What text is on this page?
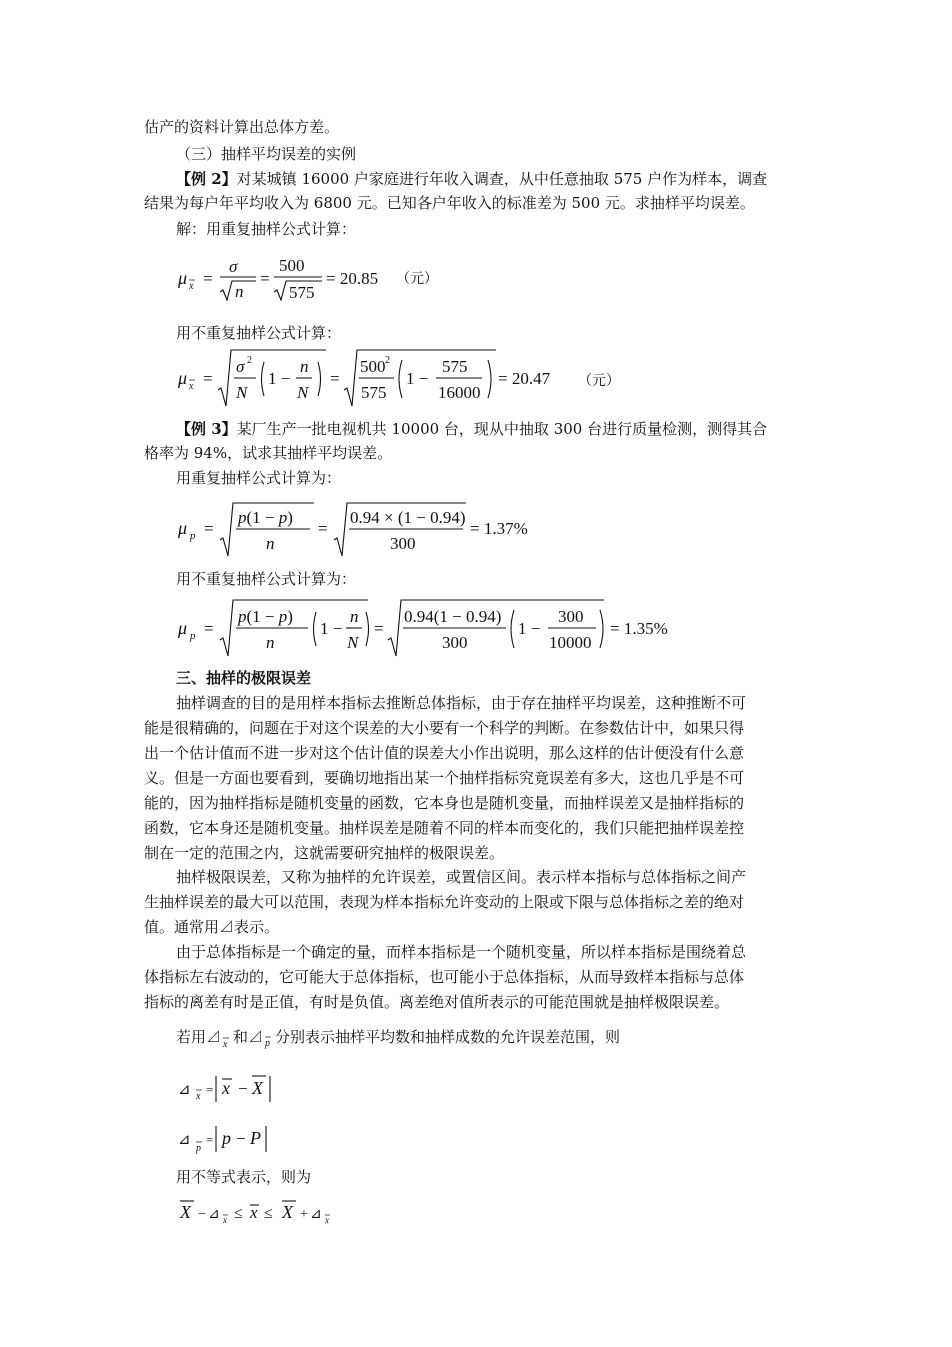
估产的资料计算出总体方差。
（三）抽样平均误差的实例
【例 2】对某城镇 16000 户家庭进行年收入调查，从中任意抽取 575 户作为样本，调查
结果为每户年平均收入为 6800 元。已知各户年收入的标准差为 500 元。求抽样平均误差。
解：用重复抽样公式计算：
μ x =
σ
n
=
500
575
= 20.85 （元）
用不重复抽样公式计算：
μ x =
σ 2
N
1 −
n
N
=
500 2
575
1 −
575
16000
= 20.47 （元）
【例 3】某厂生产一批电视机共 10000 台，现从中抽取 300 台进行质量检测，测得其合
格率为 94%，试求其抽样平均误差。
用重复抽样公式计算为：
μ p =
p(1 − p)
n
=
0.94 × (1 − 0.94)
300
= 1.37%
用不重复抽样公式计算为：
μ p =
p(1 − p)
n
1 −
n
N
=
0.94(1 − 0.94)
300
1 −
300
10000
= 1.35%
三、抽样的极限误差
抽样调查的目的是用样本指标去推断总体指标，由于存在抽样平均误差，这种推断不可
能是很精确的，问题在于对这个误差的大小要有一个科学的判断。在参数估计中，如果只得
出一个估计值而不进一步对这个估计值的误差大小作出说明，那么这样的估计便没有什么意
义。但是一方面也要看到，要确切地指出某一个抽样指标究竟误差有多大，这也几乎是不可
能的，因为抽样指标是随机变量的函数，它本身也是随机变量，而抽样误差又是抽样指标的
函数，它本身还是随机变量。抽样误差是随着不同的样本而变化的，我们只能把抽样误差控
制在一定的范围之内，这就需要研究抽样的极限误差。
抽样极限误差，又称为抽样的允许误差，或置信区间。表示样本指标与总体指标之间产
生抽样误差的最大可以范围，表现为样本指标允许变动的上限或下限与总体指标之差的绝对
值。通常用⊿表示。
由于总体指标是一个确定的量，而样本指标是一个随机变量，所以样本指标是围绕着总
体指标左右波动的，它可能大于总体指标，也可能小于总体指标，从而导致样本指标与总体
指标的离差有时是正值，有时是负值。离差绝对值所表示的可能范围就是抽样极限误差。
若用⊿ x 和⊿ p 分别表示抽样平均数和抽样成数的允许误差范围，则
⊿ x = x − X
⊿
p
= p − P
用不等式表示，则为
X − ⊿ x ≤ x ≤ X + ⊿ x
